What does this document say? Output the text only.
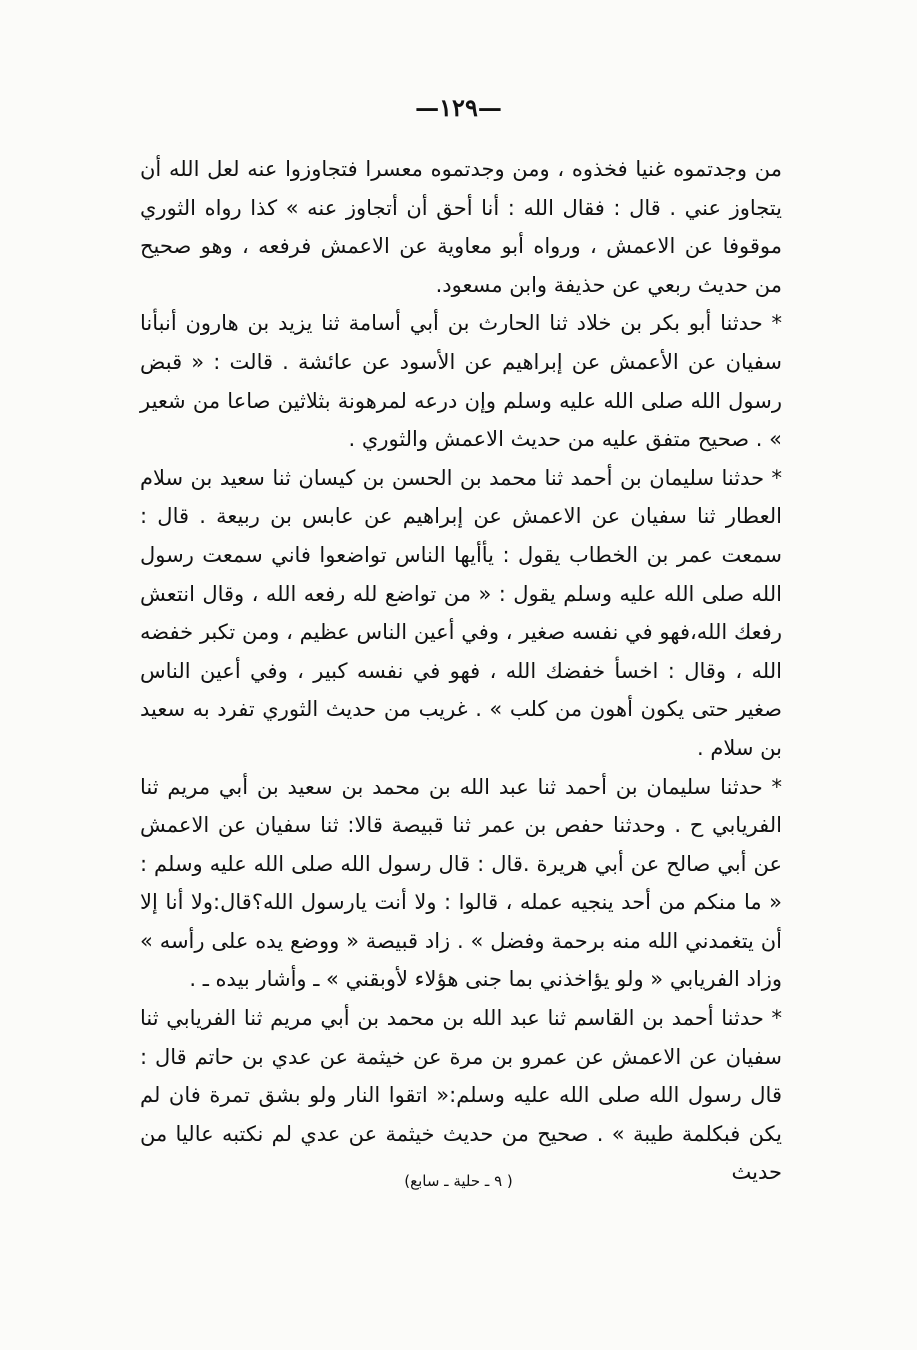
—١٢٩—

من وجدتموه غنيا فخذوه ، ومن وجدتموه معسرا فتجاوزوا عنه لعل الله أن يتجاوز عني . قال : فقال الله : أنا أحق أن أتجاوز عنه » كذا رواه الثوري موقوفا عن الاعمش ، ورواه أبو معاوية عن الاعمش فرفعه ، وهو صحيح من حديث ربعي عن حذيفة وابن مسعود.

* حدثنا أبو بكر بن خلاد ثنا الحارث بن أبي أسامة ثنا يزيد بن هارون أنبأنا سفيان عن الأعمش عن إبراهيم عن الأسود عن عائشة . قالت : « قبض رسول الله صلى الله عليه وسلم وإن درعه لمرهونة بثلاثين صاعا من شعير » . صحيح متفق عليه من حديث الاعمش والثوري .

* حدثنا سليمان بن أحمد ثنا محمد بن الحسن بن كيسان ثنا سعيد بن سلام العطار ثنا سفيان عن الاعمش عن إبراهيم عن عابس بن ربيعة . قال : سمعت عمر بن الخطاب يقول : يأأيها الناس تواضعوا فاني سمعت رسول الله صلى الله عليه وسلم يقول : « من تواضع لله رفعه الله ، وقال انتعش رفعك الله،فهو في نفسه صغير ، وفي أعين الناس عظيم ، ومن تكبر خفضه الله ، وقال : اخسأ خفضك الله ، فهو في نفسه كبير ، وفي أعين الناس صغير حتى يكون أهون من كلب » . غريب من حديث الثوري تفرد به سعيد بن سلام .

* حدثنا سليمان بن أحمد ثنا عبد الله بن محمد بن سعيد بن أبي مريم ثنا الفريابي ح . وحدثنا حفص بن عمر ثنا قبيصة قالا: ثنا سفيان عن الاعمش عن أبي صالح عن أبي هريرة .قال : قال رسول الله صلى الله عليه وسلم : « ما منكم من أحد ينجيه عمله ، قالوا : ولا أنت يارسول الله؟قال:ولا أنا إلا أن يتغمدني الله منه برحمة وفضل » . زاد قبيصة « ووضع يده على رأسه » وزاد الفريابي « ولو يؤاخذني بما جنى هؤلاء لأوبقني » ـ وأشار بيده ـ .

* حدثنا أحمد بن القاسم ثنا عبد الله بن محمد بن أبي مريم ثنا الفريابي ثنا سفيان عن الاعمش عن عمرو بن مرة عن خيثمة عن عدي بن حاتم قال : قال رسول الله صلى الله عليه وسلم:« اتقوا النار ولو بشق تمرة فان لم يكن فبكلمة طيبة » . صحيح من حديث خيثمة عن عدي لم نكتبه عاليا من حديث

( ٩ ـ حلية ـ سابع)
